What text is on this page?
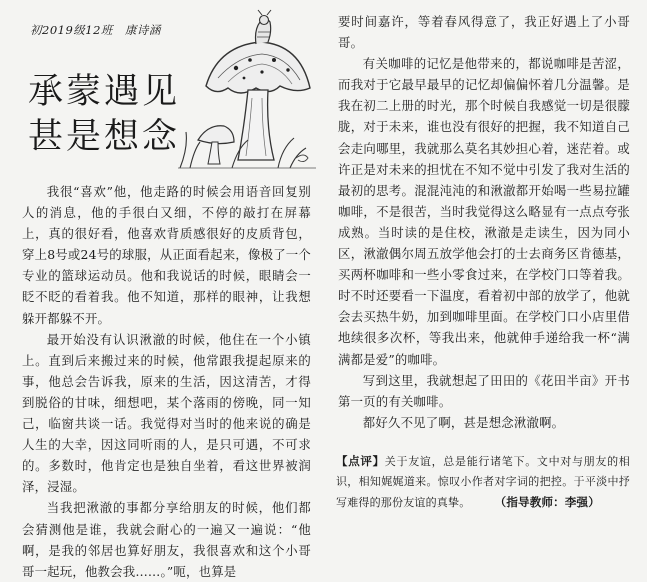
初2019级12班　康诗涵
承蒙遇见
甚是想念

我很“喜欢”他，他走路的时候会用语音回复别人的消息，他的手很白又细，不停的敲打在屏幕上，真的很好看，他喜欢背质感很好的皮质背包，穿上8号或24号的球服，从正面看起来，像极了一个专业的篮球运动员。他和我说话的时候，眼睛会一眨不眨的看着我。他不知道，那样的眼神，让我想躲开都躲不开。

最开始没有认识湫澈的时候，他住在一个小镇上。直到后来搬过来的时候，他常跟我提起原来的事，他总会告诉我，原来的生活，因这清苦，才得到脱俗的甘味，细想吧，某个落雨的傍晚，同一知己，临窗共谈一话。我觉得对当时的他来说的确是人生的大幸，因这同听雨的人，是只可遇，不可求的。多数时，他肯定也是独自坐着，看这世界被润泽，浸湿。

当我把湫澈的事都分享给朋友的时候，他们都会猜测他是谁，我就会耐心的一遍又一遍说：“他啊，是我的邻居也算好朋友，我很喜欢和这个小哥哥一起玩，他教会我……。”呃，也算是

要时间嘉许，等着春风得意了，我正好遇上了小哥哥。

有关咖啡的记忆是他带来的，都说咖啡是苦涩，而我对于它最早最早的记忆却偏偏怀着几分温馨。是我在初二上册的时光，那个时候自我感觉一切是很朦胧，对于未来，谁也没有很好的把握，我不知道自己会走向哪里，我就那么莫名其妙担心着，迷茫着。或许正是对未来的担忧在不知不觉中引发了我对生活的最初的思考。混混沌沌的和湫澈都开始喝一些易拉罐咖啡，不是很苦，当时我觉得这么略显有一点点夸张成熟。当时读的是住校，湫澈是走读生，因为同小区，湫澈偶尔周五放学他会打的士去商务区肯德基，买两杯咖啡和一些小零食过来，在学校门口等着我。时不时还要看一下温度，看着初中部的放学了，他就会去买热牛奶，加到咖啡里面。在学校门口小店里借地续很多次杯，等我出来，他就伸手递给我一杯“满满都是爱”的咖啡。

写到这里，我就想起了田田的《花田半亩》开书第一页的有关咖啡。

都好久不见了啊，甚是想念湫澈啊。

【点评】关于友谊，总是能行诸笔下。文中对与朋友的相识，相知娓娓道来。惊叹小作者对字词的把控。于平淡中抒写难得的那份友谊的真挚。	（指导教师：李强）
